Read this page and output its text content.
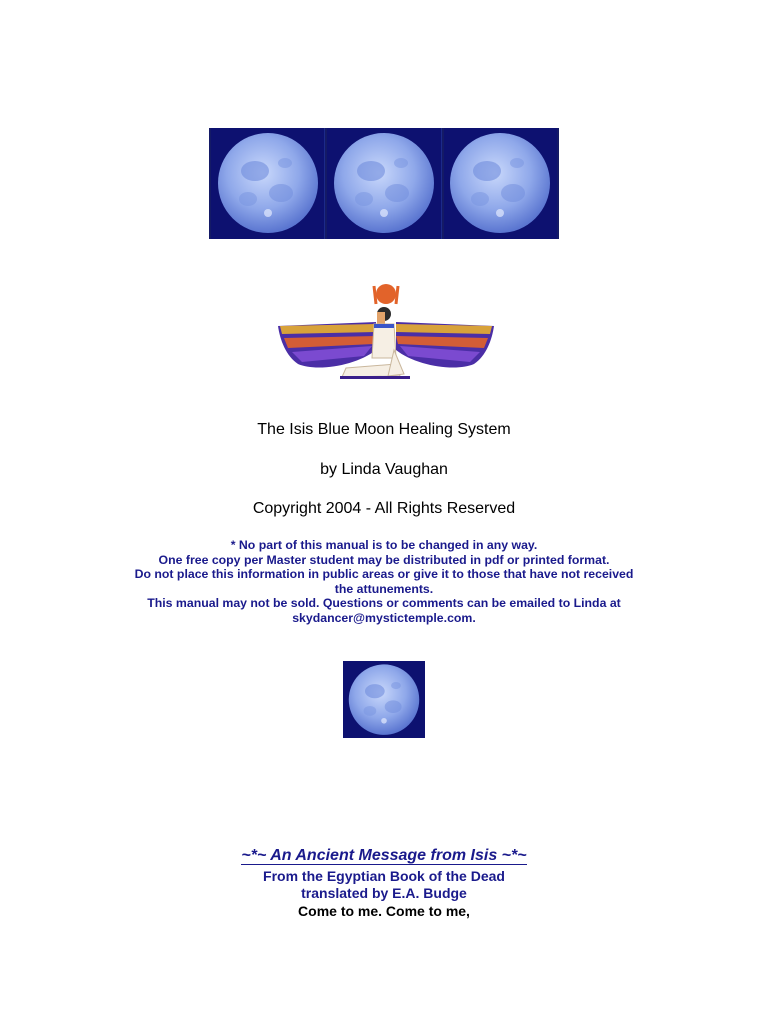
The Isis Blue Moon Healing System
by Linda Vaughan
Copyright 2004 - All Rights Reserved
* No part of this manual is to be changed in any way.
One free copy per Master student may be distributed in pdf or printed format.
Do not place this information in public areas or give it to those that have not received
the attunements.
This manual may not be sold. Questions or comments can be emailed to Linda at
skydancer@mystictemple.com.
~*~ An Ancient Message from Isis ~*~
From the Egyptian Book of the Dead
translated by E.A. Budge
Come to me. Come to me,
